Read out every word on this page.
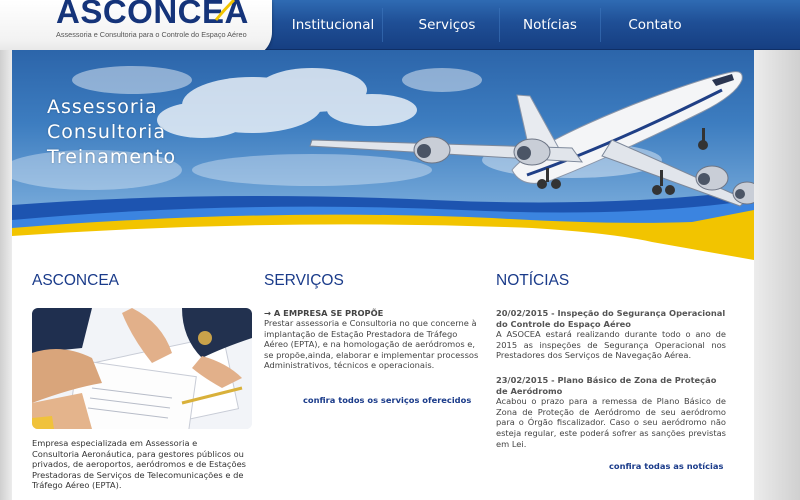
Institucional	Serviços	Notícias	Contato
ASCONCEA
Assessoria e Consultoria para o Controle do Espaço Aéreo
Assessoria
Consultoria
Treinamento
ASCONCEA
Empresa especializada em Assessoria e Consultoria Aeronáutica, para gestores públicos ou privados, de aeroportos, aeródromos e de Estações Prestadoras de Serviços de Telecomunicações e de Tráfego Aéreo (EPTA).
SERVIÇOS
→ A EMPRESA SE PROPÕE
Prestar assessoria e Consultoria no que concerne à implantação de Estação Prestadora de Tráfego Aéreo (EPTA), e na homologação de aeródromos e, se propõe,ainda, elaborar e implementar processos Administrativos, técnicos e operacionais.
confira todos os serviços oferecidos
NOTÍCIAS
20/02/2015 - Inspeção do Segurança Operacional do Controle do Espaço Aéreo
A ASOCEA estará realizando durante todo o ano de 2015 as inspeções de Segurança Operacional nos Prestadores dos Serviços de Navegação Aérea.
23/02/2015 - Plano Básico de Zona de Proteção de Aeródromo
Acabou o prazo para a remessa de Plano Básico de Zona de Proteção de Aeródromo de seu aeródromo para o Órgão fiscalizador. Caso o seu aeródromo não esteja regular, este poderá sofrer as sanções previstas em Lei.
confira todas as notícias
